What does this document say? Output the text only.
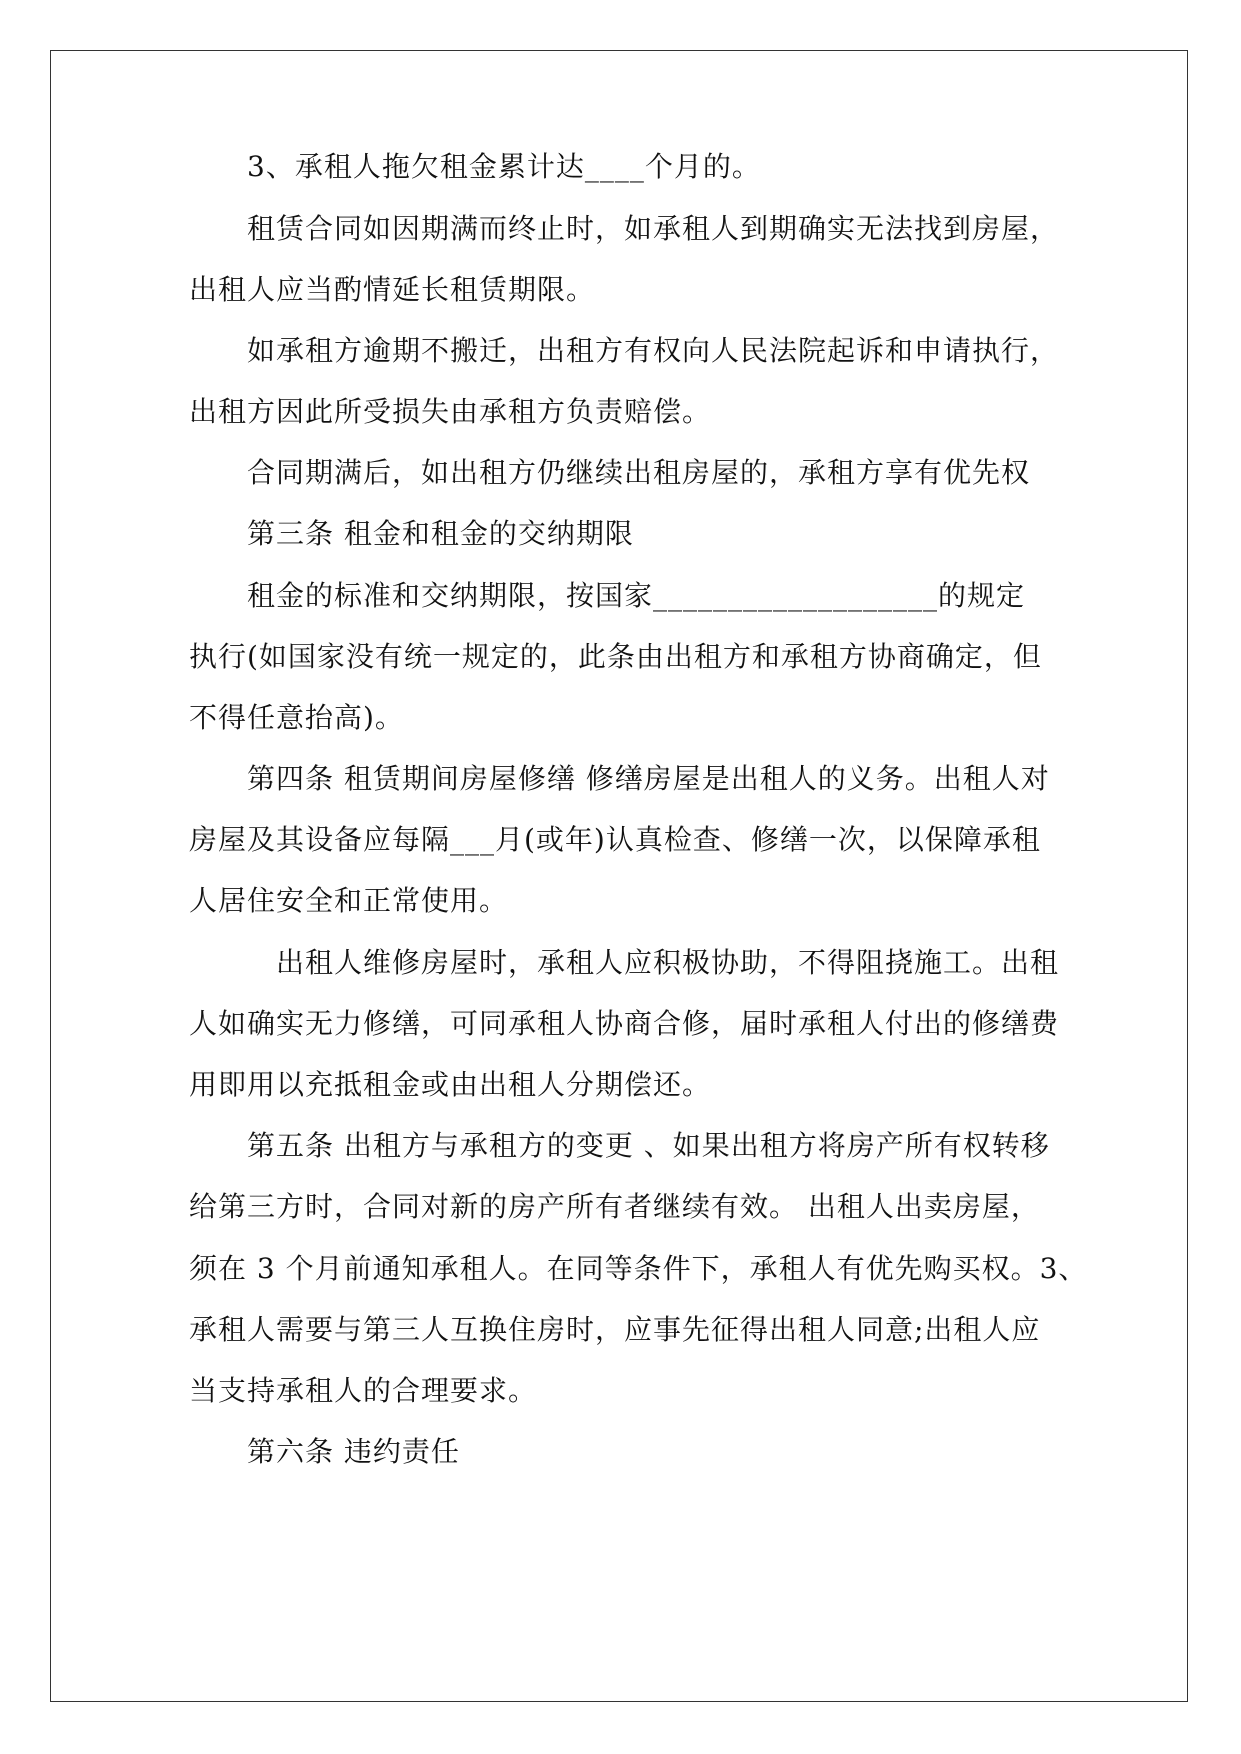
3、承租人拖欠租金累计达____个月的。
租赁合同如因期满而终止时，如承租人到期确实无法找到房屋，
出租人应当酌情延长租赁期限。
如承租方逾期不搬迁，出租方有权向人民法院起诉和申请执行，
出租方因此所受损失由承租方负责赔偿。
合同期满后，如出租方仍继续出租房屋的，承租方享有优先权
第三条 租金和租金的交纳期限
租金的标准和交纳期限，按国家___________________的规定
执行(如国家没有统一规定的，此条由出租方和承租方协商确定，但
不得任意抬高)。
第四条 租赁期间房屋修缮 修缮房屋是出租人的义务。出租人对
房屋及其设备应每隔___月(或年)认真检查、修缮一次，以保障承租
人居住安全和正常使用。
出租人维修房屋时，承租人应积极协助，不得阻挠施工。出租
人如确实无力修缮，可同承租人协商合修，届时承租人付出的修缮费
用即用以充抵租金或由出租人分期偿还。
第五条 出租方与承租方的变更 、如果出租方将房产所有权转移
给第三方时，合同对新的房产所有者继续有效。 出租人出卖房屋，
须在 3 个月前通知承租人。在同等条件下，承租人有优先购买权。3、
承租人需要与第三人互换住房时，应事先征得出租人同意;出租人应
当支持承租人的合理要求。
第六条 违约责任
